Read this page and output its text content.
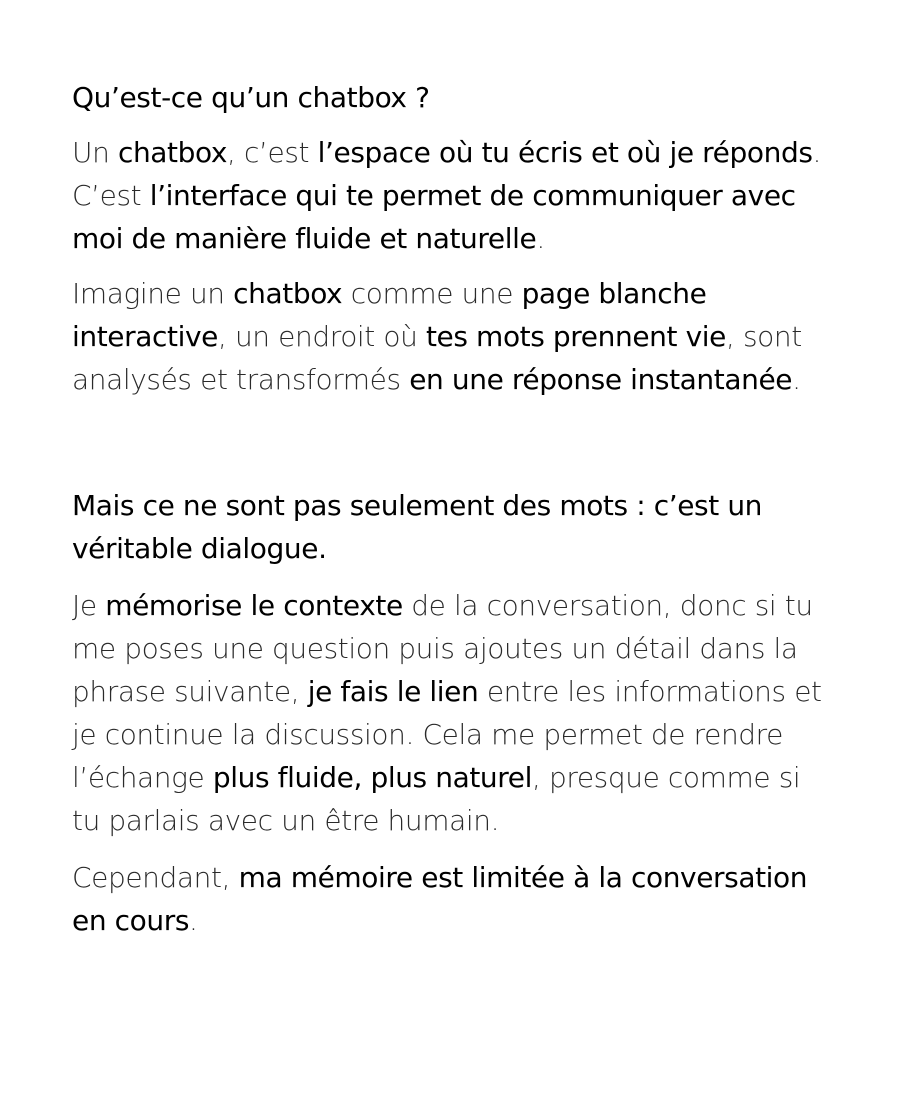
Qu’est-ce qu’un chatbox ?

Un chatbox, c’est l’espace où tu écris et où je réponds.
C’est l’interface qui te permet de communiquer avec moi de manière fluide et naturelle.

Imagine un chatbox comme une page blanche interactive, un endroit où tes mots prennent vie, sont analysés et transformés en une réponse instantanée.

Mais ce ne sont pas seulement des mots : c’est un véritable dialogue.

Je mémorise le contexte de la conversation, donc si tu me poses une question puis ajoutes un détail dans la phrase suivante, je fais le lien entre les informations et je continue la discussion. Cela me permet de rendre l’échange plus fluide, plus naturel, presque comme si tu parlais avec un être humain.

Cependant, ma mémoire est limitée à la conversation en cours.
